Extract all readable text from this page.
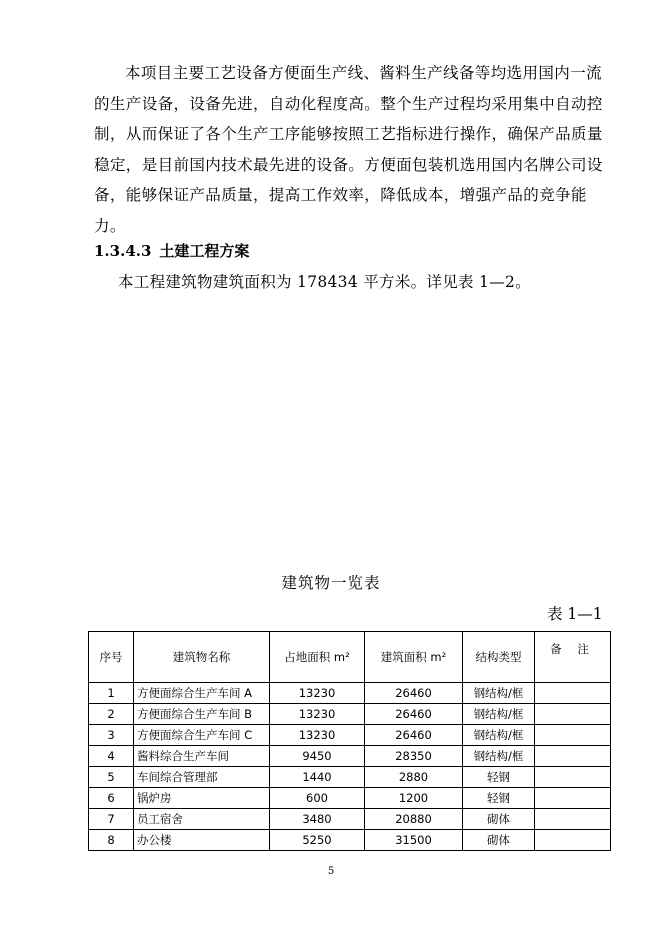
本项目主要工艺设备方便面生产线、酱料生产线备等均选用国内一流的生产设备，设备先进，自动化程度高。整个生产过程均采用集中自动控制，从而保证了各个生产工序能够按照工艺指标进行操作，确保产品质量稳定，是目前国内技术最先进的设备。方便面包装机选用国内名牌公司设备，能够保证产品质量，提高工作效率，降低成本，增强产品的竞争能力。

1.3.4.3 土建工程方案

本工程建筑物建筑面积为 178434 平方米。详见表 1—2。

建筑物一览表

表 1—1

序号	建筑物名称	占地面积 m²	建筑面积 m²	结构类型	备 注
1	方便面综合生产车间 A	13230	26460	钢结构/框	
2	方便面综合生产车间 B	13230	26460	钢结构/框	
3	方便面综合生产车间 C	13230	26460	钢结构/框	
4	酱料综合生产车间	9450	28350	钢结构/框	
5	车间综合管理部	1440	2880	轻钢	
6	锅炉房	600	1200	轻钢	
7	员工宿舍	3480	20880	砌体	
8	办公楼	5250	31500	砌体	

5
